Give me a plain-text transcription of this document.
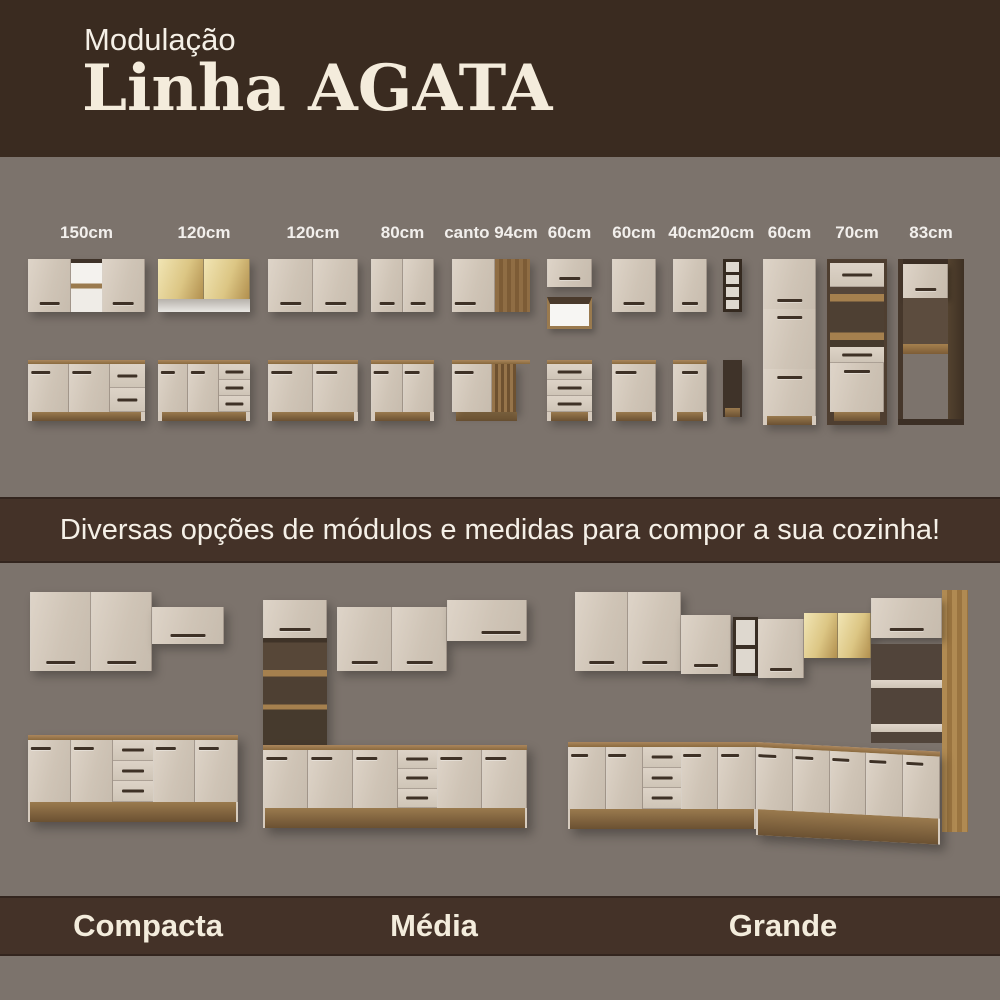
Modulação
Linha AGATA
150cm	120cm	120cm 80cm canto 94cm 60cm 60cm 40cm 20cm 60cm 70cm 83cm
Diversas opções de módulos e medidas para compor a sua cozinha!
Compacta	Média	Grande
